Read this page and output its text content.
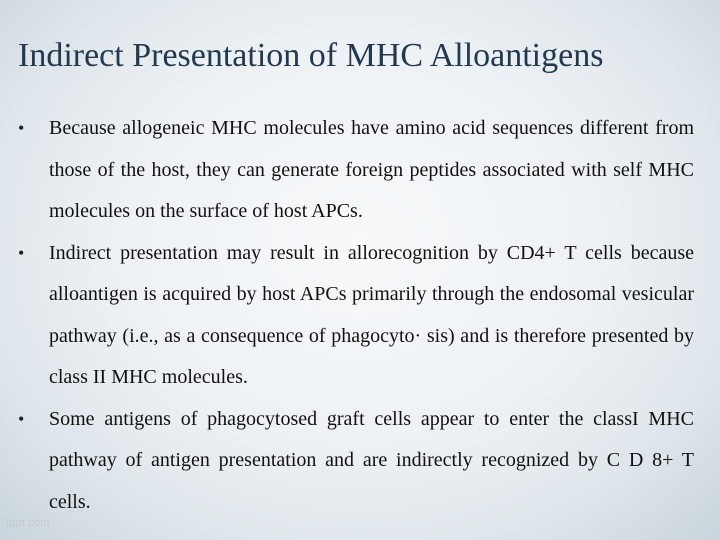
Indirect Presentation of MHC Alloantigens
•	Because allogeneic MHC molecules have amino acid sequences different from those of the host, they can generate foreign peptides associated with self MHC molecules on the surface of host APCs.
•	Indirect presentation may result in allorecognition by CD4+ T cells because alloantigen is acquired by host APCs primarily through the endosomal vesicular pathway (i.e., as a consequence of phagocyto· sis) and is therefore presented by class II MHC molecules.
•	Some antigens of phagocytosed graft cells appear to enter the classI MHC pathway of antigen presentation and are indirectly recognized by C D 8+ T cells.
fppt.com
